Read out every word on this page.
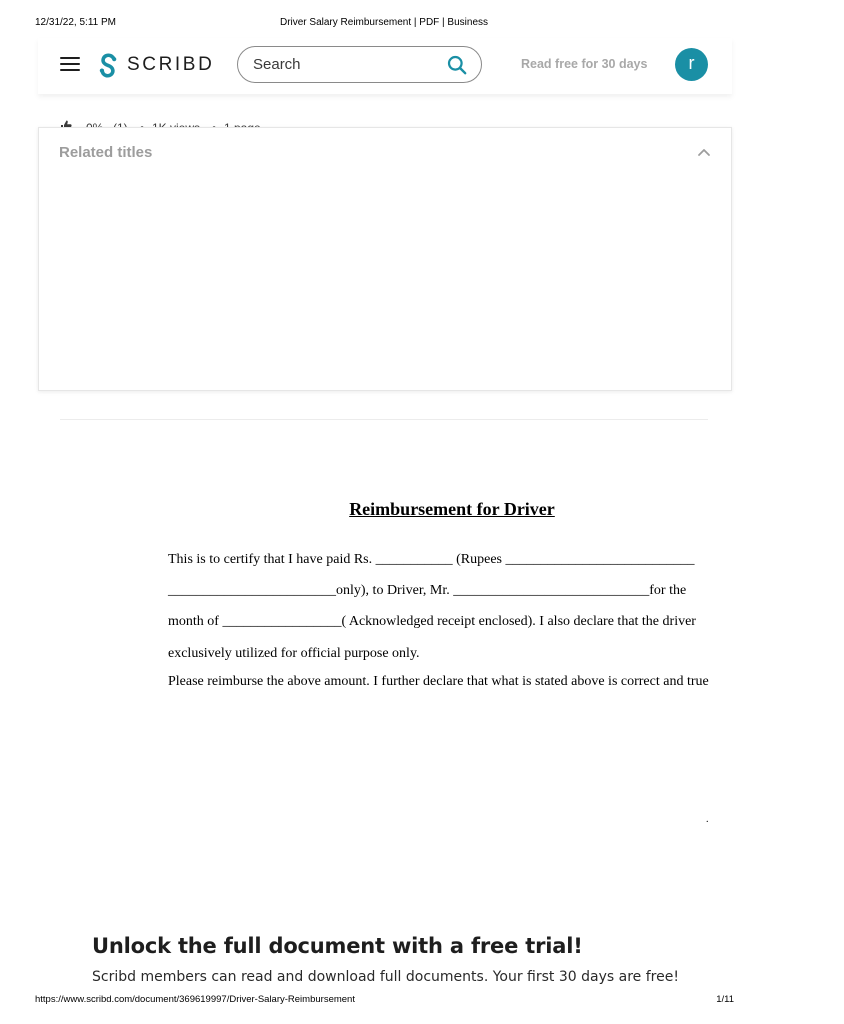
12/31/22, 5:11 PM	Driver Salary Reimbursement | PDF | Business
SCRIBD
Search	Read free for 30 days	r
Related titles
Reimbursement for Driver
This is to certify that I have paid Rs. ___________ (Rupees ___________________________
________________________only), to Driver, Mr. ____________________________for the
month of _________________( Acknowledged receipt enclosed). I also declare that the driver
exclusively utilized for official purpose only.
Please reimburse the above amount. I further declare that what is stated above is correct and true
.
Unlock the full document with a free trial!
Scribd members can read and download full documents. Your first 30 days are free!
https://www.scribd.com/document/369619997/Driver-Salary-Reimbursement	1/11
